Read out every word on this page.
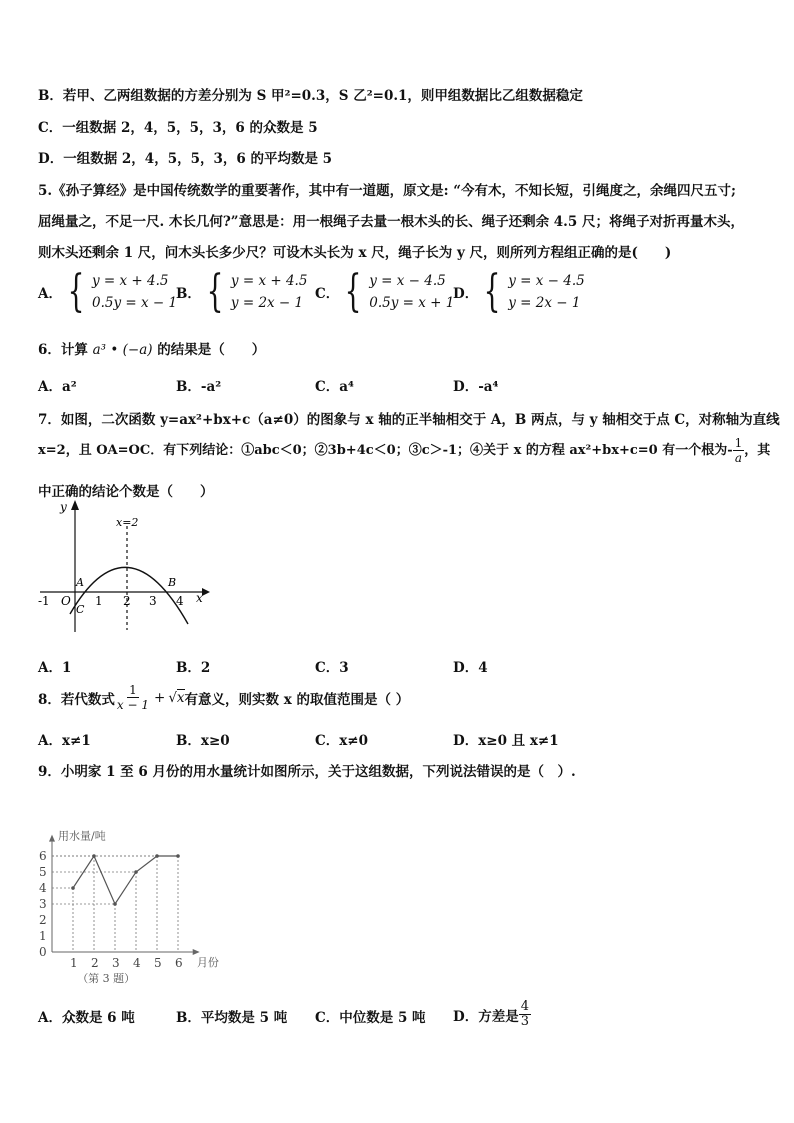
B．若甲、乙两组数据的方差分别为 S 甲²=0.3，S 乙²=0.1，则甲组数据比乙组数据稳定
C．一组数据 2，4，5，5，3，6 的众数是 5
D．一组数据 2，4，5，5，3，6 的平均数是 5
5.《孙子算经》是中国传统数学的重要著作，其中有一道题，原文是: “今有木，不知长短，引绳度之，余绳四尺五寸;
屈绳量之，不足一尺. 木长几何?”意思是：用一根绳子去量一根木头的长、绳子还剩余 4.5 尺；将绳子对折再量木头，
则木头还剩余 1 尺，问木头长多少尺？可设木头长为 x 尺，绳子长为 y 尺，则所列方程组正确的是(　　)
A． { y = x + 4.5
0.5y = x − 1
B． { y = x + 4.5
y = 2x − 1
C． { y = x − 4.5
0.5y = x + 1
D． { y = x − 4.5
y = 2x − 1
6．计算 a³ • (−a) 的结果是（　　）
A．a²	B．-a²	C．a⁴	D．-a⁴
7．如图，二次函数 y=ax²+bx+c（a≠0）的图象与 x 轴的正半轴相交于 A，B 两点，与 y 轴相交于点 C，对称轴为直线
x=2，且 OA=OC．有下列结论：①abc＜0；②3b+4c＜0；③c＞-1；④关于 x 的方程 ax²+bx+c=0 有一个根为- $\frac{1}{a}$ ，其
中正确的结论个数是（　　）
y
x
x=2
A	B
C
O
-1	1 2 3 4
A．1	B．2	C．3	D．4
8．若代数式 $\frac{1}{x - 1} + √x$ 有意义，则实数 x 的取值范围是（ ）
A．x≠1	B．x≥0	C．x≠0	D．x≥0 且 x≠1
9．小明家 1 至 6 月份的用水量统计如图所示，关于这组数据，下列说法错误的是（　）.
用水量/吨
月份
（第 3 题）
0
1
2
3
4
5
6
1 2 3 4 5 6
A．众数是 6 吨	B．平均数是 5 吨 C．中位数是 5 吨 D．方差是 $\frac{4}{3}$
